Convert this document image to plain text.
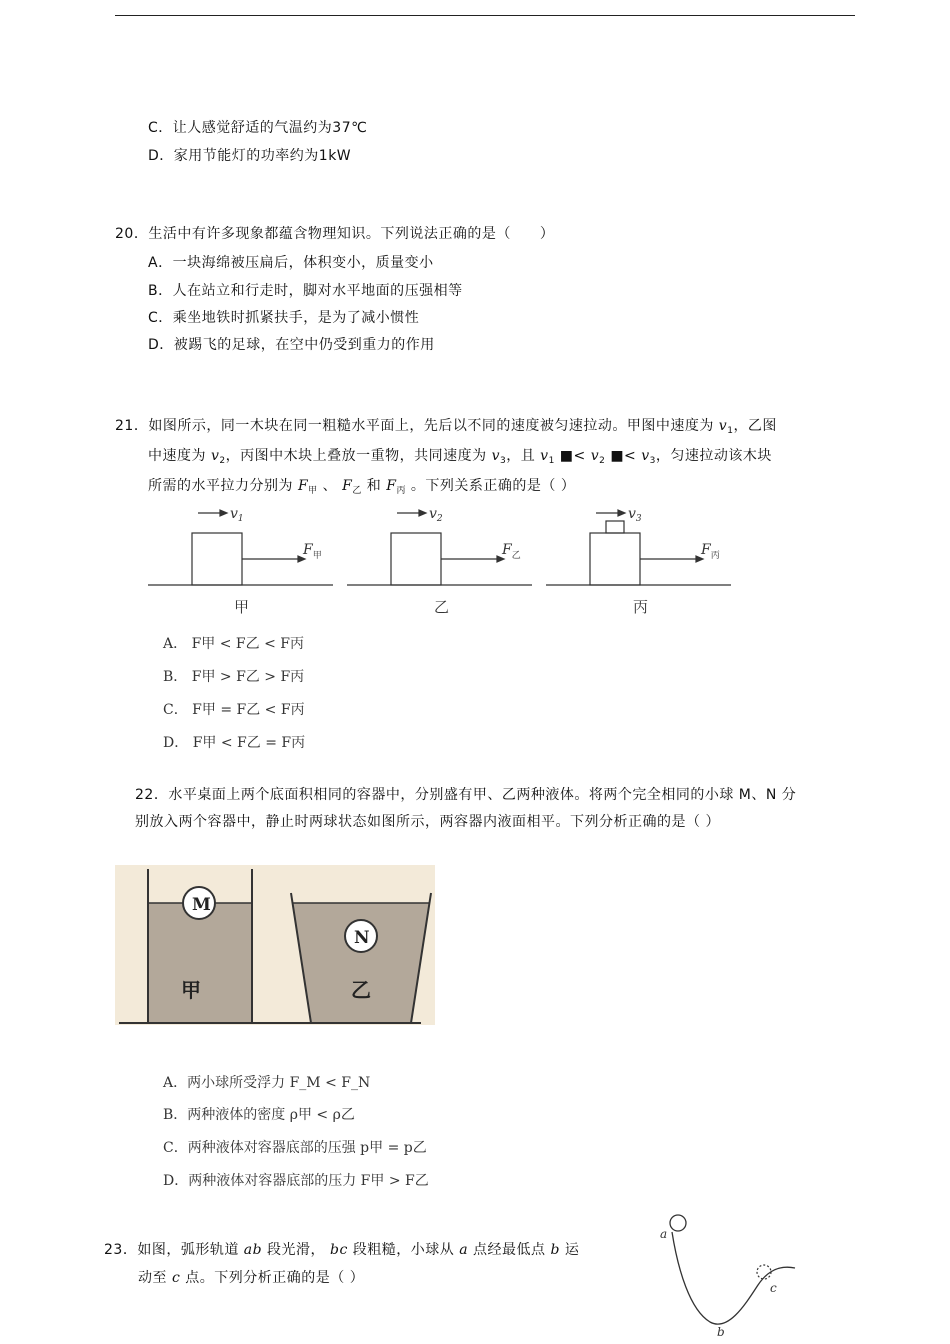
C．让人感觉舒适的气温约为37℃
D．家用节能灯的功率约为1kW
20．生活中有许多现象都蕴含物理知识。下列说法正确的是（　　）
A．一块海绵被压扁后，体积变小，质量变小
B．人在站立和行走时，脚对水平地面的压强相等
C．乘坐地铁时抓紧扶手，是为了减小惯性
D．被踢飞的足球，在空中仍受到重力的作用
21．如图所示，同一木块在同一粗糙水平面上，先后以不同的速度被匀速拉动。甲图中速度为 $v_1$，乙图
中速度为 $v_2$，丙图中木块上叠放一重物，共同速度为 $v_3$，且 $v_1$ ■< $v_2$ ■< $v_3$，匀速拉动该木块
所需的水平拉力分别为 $F_甲$ 、 $F_乙$ 和 $F_丙$ 。下列关系正确的是（ ）
$v_1$	$v_2$	$v_3$
$F_甲$	$F_乙$	$F_丙$
甲	乙	丙
A． F甲 < F乙 < F丙
B． F甲 > F乙 > F丙
C． F甲 = F乙 < F丙
D． F甲 < F乙 = F丙
22．水平桌面上两个底面积相同的容器中，分别盛有甲、乙两种液体。将两个完全相同的小球 M、N 分
别放入两个容器中，静止时两球状态如图所示，两容器内液面相平。下列分析正确的是（ ）
M
N
甲	乙
A．两小球所受浮力 F_M < F_N
B．两种液体的密度 ρ甲 < ρ乙
C．两种液体对容器底部的压强 p甲 = p乙
D．两种液体对容器底部的压力 F甲 > F乙
23．如图，弧形轨道 ab 段光滑， bc 段粗糙，小球从 a 点经最低点 b 运
动至 c 点。下列分析正确的是（ ）
a
b
c
